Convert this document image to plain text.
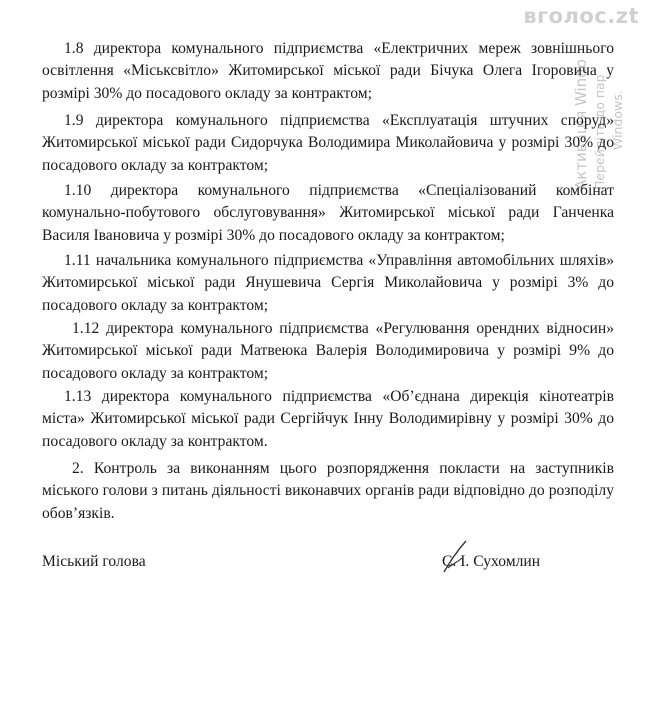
вголос.zt
Активація Windo Перейдіть до пар Windows.

1.8 директора комунального підприємства «Електричних мереж зовнішнього освітлення «Міськсвітло» Житомирської міської ради Бічука Олега Ігоровича у розмірі 30% до посадового окладу за контрактом;

1.9 директора комунального підприємства «Експлуатація штучних споруд» Житомирської міської ради Сидорчука Володимира Миколайовича у розмірі 30% до посадового окладу за контрактом;

1.10 директора комунального підприємства «Спеціалізований комбінат комунально-побутового обслуговування» Житомирської міської ради Ганченка Василя Івановича у розмірі 30% до посадового окладу за контрактом;

1.11 начальника комунального підприємства «Управління автомобільних шляхів» Житомирської міської ради Янушевича Сергія Миколайовича у розмірі 3% до посадового окладу за контрактом;

1.12 директора комунального підприємства «Регулювання орендних відносин» Житомирської міської ради Матвеюка Валерія Володимировича у розмірі 9% до посадового окладу за контрактом;

1.13 директора комунального підприємства «Об’єднана дирекція кінотеатрів міста» Житомирської міської ради Сергійчук Інну Володимирівну у розмірі 30% до посадового окладу за контрактом.

2. Контроль за виконанням цього розпорядження покласти на заступників міського голови з питань діяльності виконавчих органів ради відповідно до розподілу обов’язків.

Міський голова	С. І. Сухомлин
